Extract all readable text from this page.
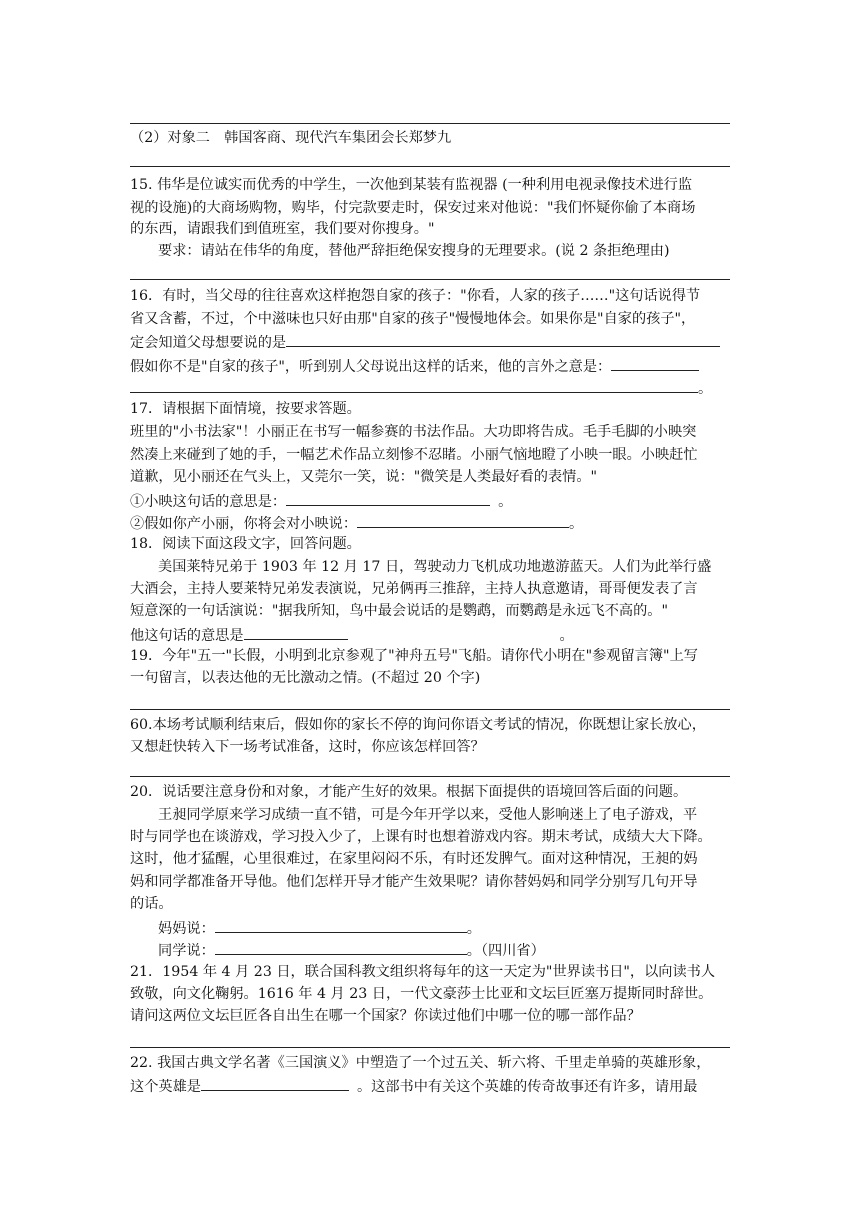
（2）对象二　韩国客商、现代汽车集团会长郑梦九
15. 伟华是位诚实而优秀的中学生，一次他到某装有监视器 (一种利用电视录像技术进行监
视的设施)的大商场购物，购毕，付完款要走时，保安过来对他说："我们怀疑你偷了本商场
的东西，请跟我们到值班室，我们要对你搜身。"
要求：请站在伟华的角度，替他严辞拒绝保安搜身的无理要求。(说 2 条拒绝理由)
16．有时，当父母的往往喜欢这样抱怨自家的孩子："你看，人家的孩子……"这句话说得节
省又含蓄，不过，个中滋味也只好由那"自家的孩子"慢慢地体会。如果你是"自家的孩子"，
定会知道父母想要说的是
假如你不是"自家的孩子"，听到别人父母说出这样的话来，他的言外之意是：
。
17．请根据下面情境，按要求答题。
班里的"小书法家"！小丽正在书写一幅参赛的书法作品。大功即将告成。毛手毛脚的小映突
然凑上来碰到了她的手，一幅艺术作品立刻惨不忍睹。小丽气恼地瞪了小映一眼。小映赶忙
道歉，见小丽还在气头上，又莞尔一笑，说："微笑是人类最好看的表情。"
①小映这句话的意思是：	。
②假如你产小丽，你将会对小映说：	。
18．阅读下面这段文字，回答问题。
美国莱特兄弟于 1903 年 12 月 17 日，驾驶动力飞机成功地遨游蓝天。人们为此举行盛
大酒会，主持人要莱特兄弟发表演说，兄弟俩再三推辞，主持人执意邀请，哥哥便发表了言
短意深的一句话演说："据我所知，鸟中最会说话的是鹦鹉，而鹦鹉是永远飞不高的。"
他这句话的意思是	。
19．今年"五一"长假，小明到北京参观了"神舟五号"飞船。请你代小明在"参观留言簿"上写
一句留言，以表达他的无比激动之情。(不超过 20 个字)
60.本场考试顺利结束后，假如你的家长不停的询问你语文考试的情况，你既想让家长放心，
又想赶快转入下一场考试准备，这时，你应该怎样回答？
20．说话要注意身份和对象，才能产生好的效果。根据下面提供的语境回答后面的问题。
王昶同学原来学习成绩一直不错，可是今年开学以来，受他人影响迷上了电子游戏，平
时与同学也在谈游戏，学习投入少了，上课有时也想着游戏内容。期末考试，成绩大大下降。
这时，他才猛醒，心里很难过，在家里闷闷不乐，有时还发脾气。面对这种情况，王昶的妈
妈和同学都准备开导他。他们怎样开导才能产生效果呢？请你替妈妈和同学分别写几句开导
的话。
妈妈说：	。
同学说：	。（四川省）
21．1954 年 4 月 23 日，联合国科教文组织将每年的这一天定为"世界读书日"，以向读书人
致敬，向文化鞠躬。1616 年 4 月 23 日，一代文豪莎士比亚和文坛巨匠塞万提斯同时辞世。
请问这两位文坛巨匠各自出生在哪一个国家？你读过他们中哪一位的哪一部作品？
22. 我国古典文学名著《三国演义》中塑造了一个过五关、斩六将、千里走单骑的英雄形象，
这个英雄是	。这部书中有关这个英雄的传奇故事还有许多，请用最
